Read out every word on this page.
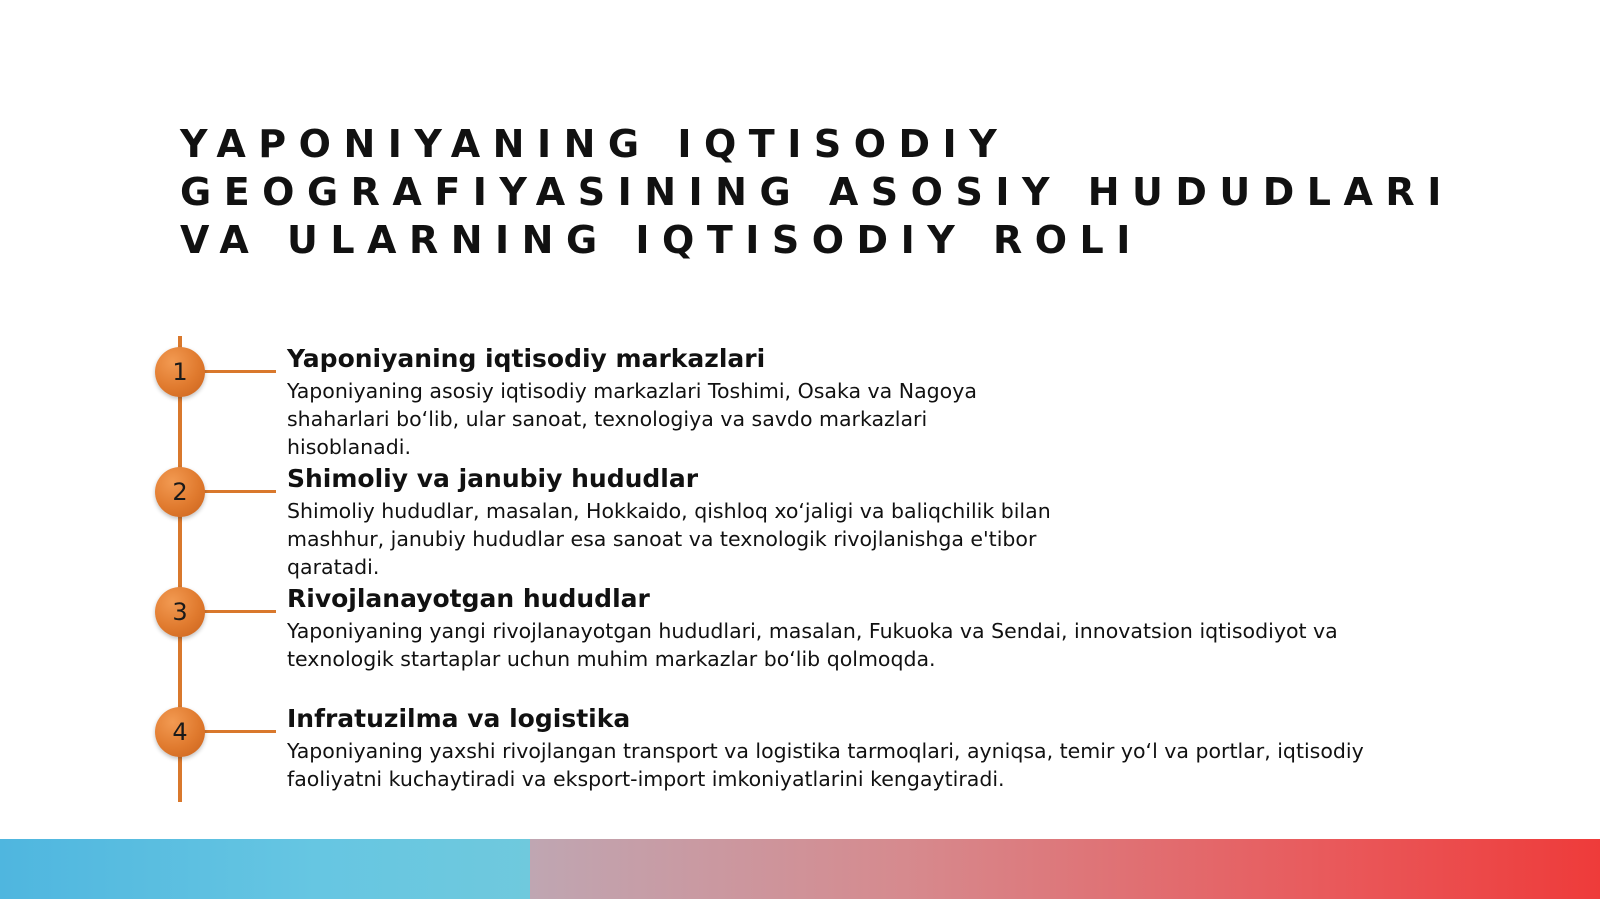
YAPONIYANING IQTISODIY GEOGRAFIYASINING ASOSIY HUDUDLARI VA ULARNING IQTISODIY ROLI
1	Yaponiyaning iqtisodiy markazlari

Yaponiyaning asosiy iqtisodiy markazlari Toshimi, Osaka va Nagoya shaharlari bo‘lib, ular sanoat, texnologiya va savdo markazlari hisoblanadi.

2	Shimoliy va janubiy hududlar

Shimoliy hududlar, masalan, Hokkaido, qishloq xo‘jaligi va baliqchilik bilan mashhur, janubiy hududlar esa sanoat va texnologik rivojlanishga e'tibor qaratadi.

3	Rivojlanayotgan hududlar

Yaponiyaning yangi rivojlanayotgan hududlari, masalan, Fukuoka va Sendai, innovatsion iqtisodiyot va texnologik startaplar uchun muhim markazlar bo‘lib qolmoqda.

4	Infratuzilma va logistika

Yaponiyaning yaxshi rivojlangan transport va logistika tarmoqlari, ayniqsa, temir yo‘l va portlar, iqtisodiy faoliyatni kuchaytiradi va eksport-import imkoniyatlarini kengaytiradi.
